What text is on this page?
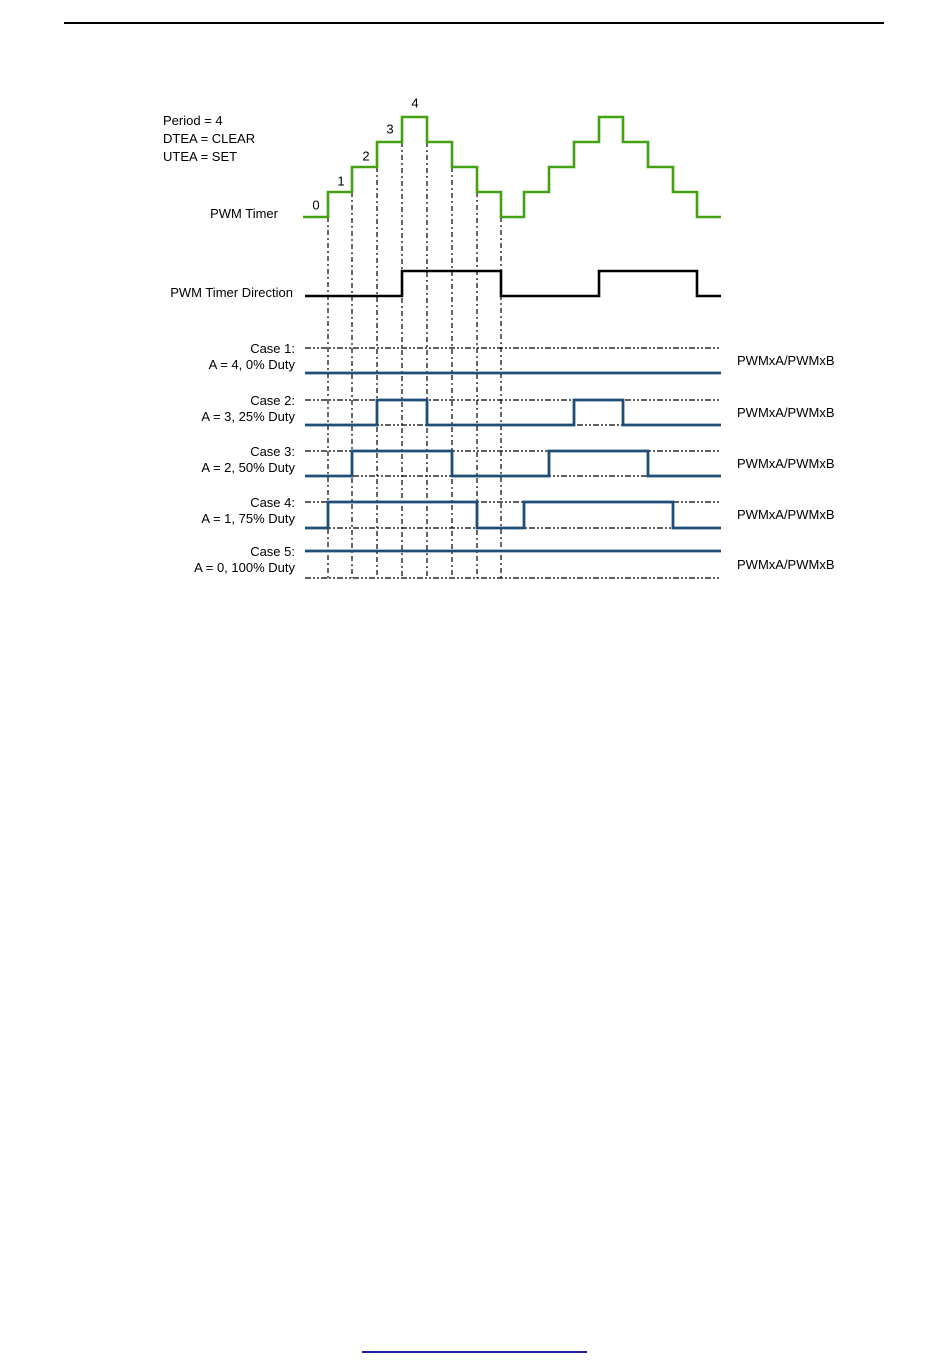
0
1
2
3
4
Period = 4
DTEA = CLEAR
UTEA = SET
PWM Timer
PWM Timer Direction
Case 1:
A = 4, 0% Duty
Case 2:
A = 3, 25% Duty
Case 3:
A = 2, 50% Duty
Case 4:
A = 1, 75% Duty
Case 5:
A = 0, 100% Duty
PWMxA/PWMxB
PWMxA/PWMxB
PWMxA/PWMxB
PWMxA/PWMxB
PWMxA/PWMxB
